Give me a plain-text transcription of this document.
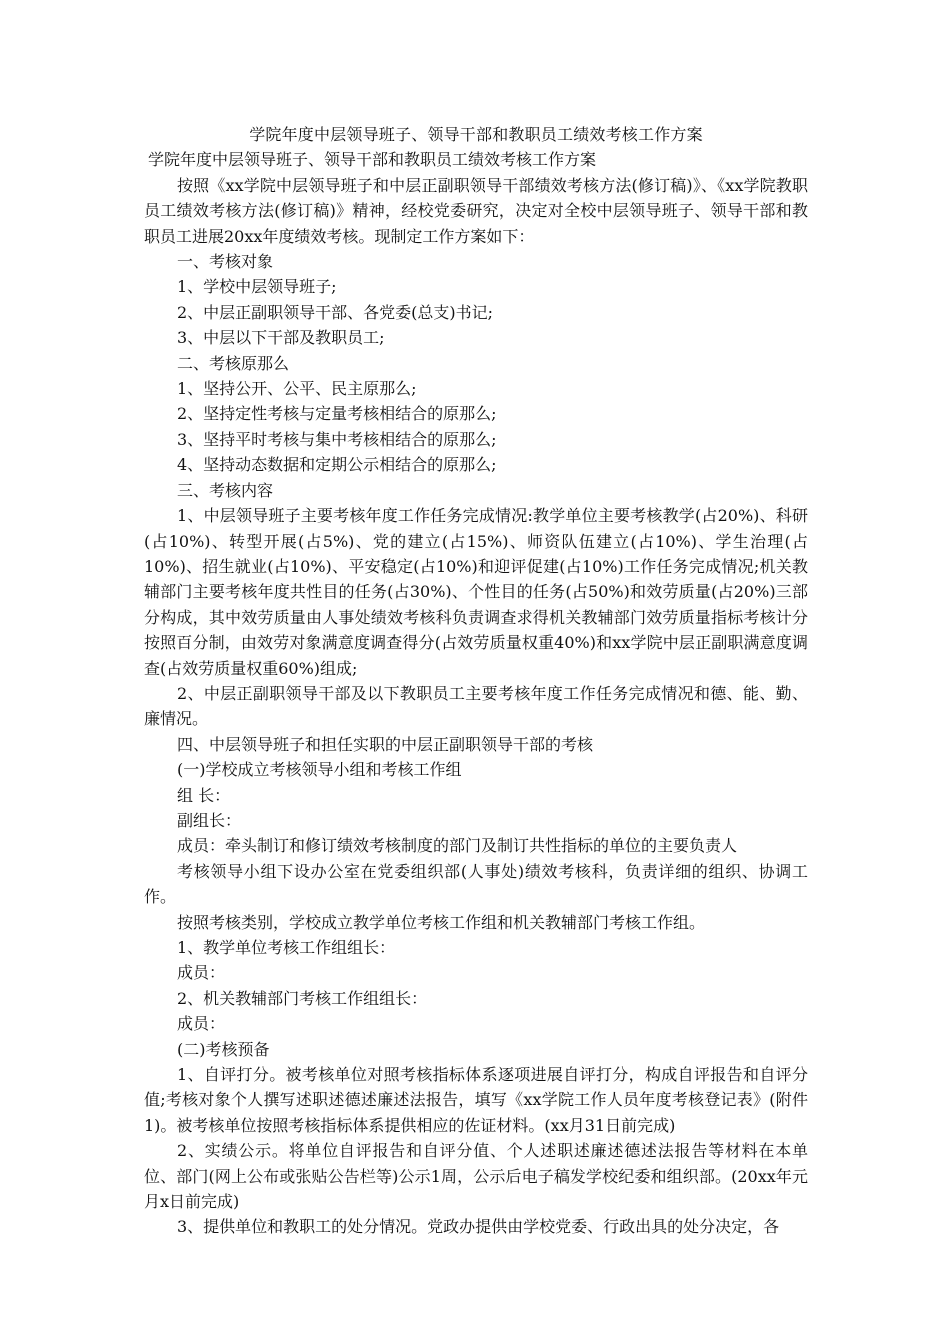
学院年度中层领导班子、领导干部和教职员工绩效考核工作方案
学院年度中层领导班子、领导干部和教职员工绩效考核工作方案

按照《xx学院中层领导班子和中层正副职领导干部绩效考核方法(修订稿)》、《xx学院教职员工绩效考核方法(修订稿)》精神，经校党委研究，决定对全校中层领导班子、领导干部和教职员工进展20xx年度绩效考核。现制定工作方案如下：

一、考核对象

1、学校中层领导班子;

2、中层正副职领导干部、各党委(总支)书记;

3、中层以下干部及教职员工;

二、考核原那么

1、坚持公开、公平、民主原那么;

2、坚持定性考核与定量考核相结合的原那么;

3、坚持平时考核与集中考核相结合的原那么;

4、坚持动态数据和定期公示相结合的原那么;

三、考核内容

1、中层领导班子主要考核年度工作任务完成情况:教学单位主要考核教学(占20%)、科研(占10%)、转型开展(占5%)、党的建立(占15%)、师资队伍建立(占10%)、学生治理(占10%)、招生就业(占10%)、平安稳定(占10%)和迎评促建(占10%)工作任务完成情况;机关教辅部门主要考核年度共性目的任务(占30%)、个性目的任务(占50%)和效劳质量(占20%)三部分构成，其中效劳质量由人事处绩效考核科负责调查求得机关教辅部门效劳质量指标考核计分按照百分制，由效劳对象满意度调查得分(占效劳质量权重40%)和xx学院中层正副职满意度调查(占效劳质量权重60%)组成;

2、中层正副职领导干部及以下教职员工主要考核年度工作任务完成情况和德、能、勤、廉情况。

四、中层领导班子和担任实职的中层正副职领导干部的考核

(一)学校成立考核领导小组和考核工作组

组 长：

副组长：

成员：牵头制订和修订绩效考核制度的部门及制订共性指标的单位的主要负责人

考核领导小组下设办公室在党委组织部(人事处)绩效考核科，负责详细的组织、协调工作。

按照考核类别，学校成立教学单位考核工作组和机关教辅部门考核工作组。

1、教学单位考核工作组组长：

成员：

2、机关教辅部门考核工作组组长：

成员：

(二)考核预备

1、自评打分。被考核单位对照考核指标体系逐项进展自评打分，构成自评报告和自评分值;考核对象个人撰写述职述德述廉述法报告，填写《xx学院工作人员年度考核登记表》(附件1)。被考核单位按照考核指标体系提供相应的佐证材料。(xx月31日前完成)

2、实绩公示。将单位自评报告和自评分值、个人述职述廉述德述法报告等材料在本单位、部门(网上公布或张贴公告栏等)公示1周，公示后电子稿发学校纪委和组织部。(20xx年元月x日前完成)

3、提供单位和教职工的处分情况。党政办提供由学校党委、行政出具的处分决定，各
